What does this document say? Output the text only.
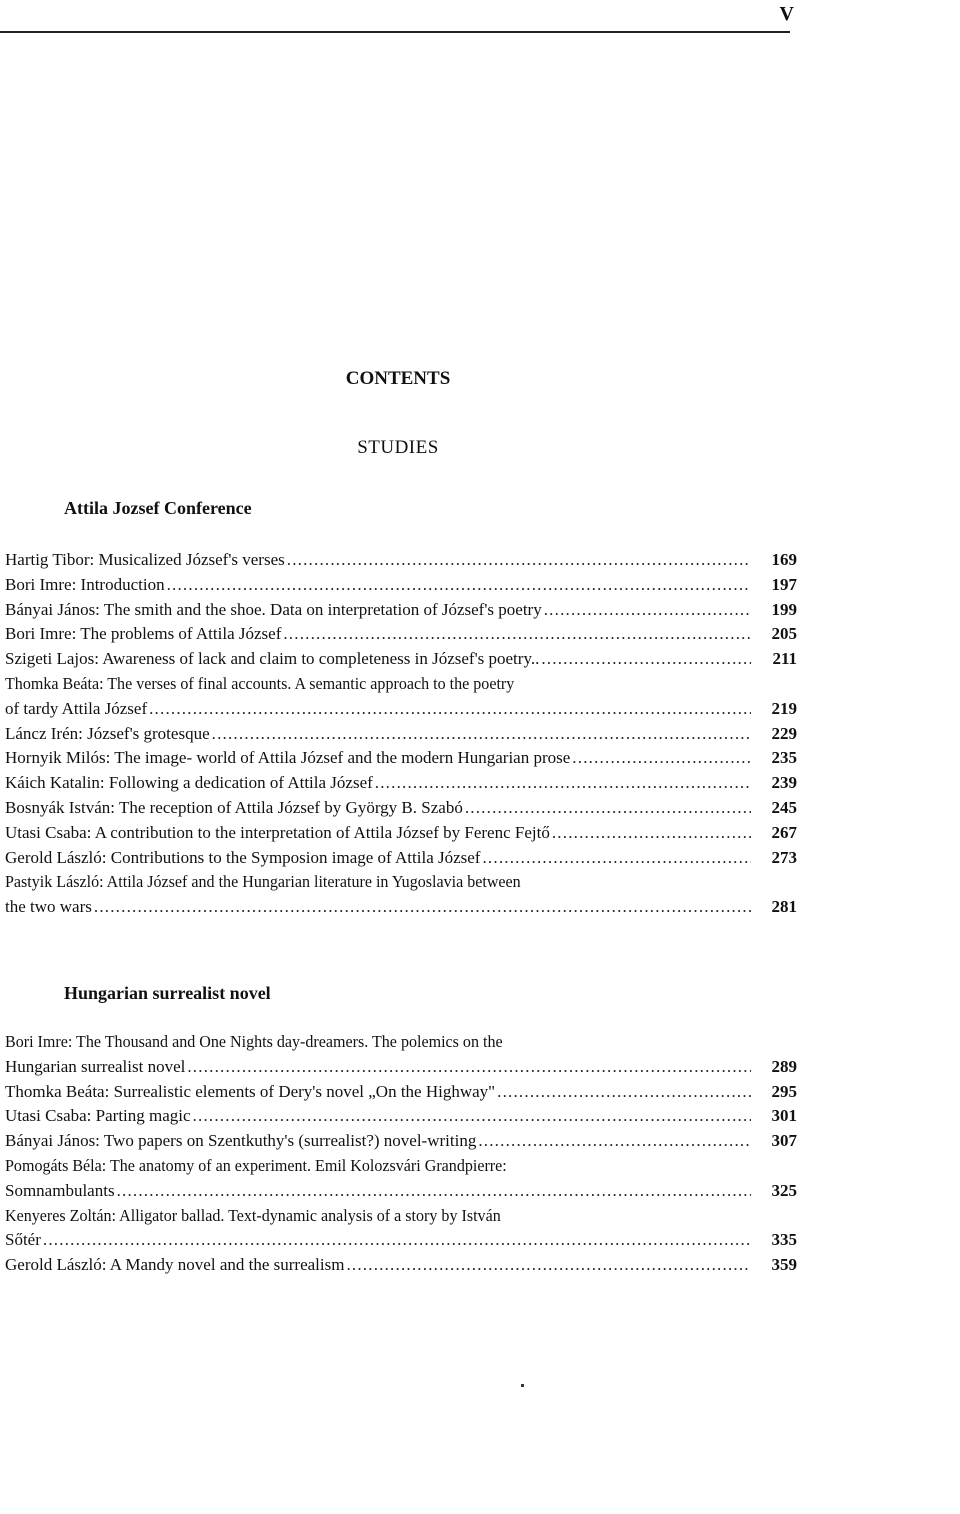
V
CONTENTS
STUDIES
Attila Jozsef Conference
Hartig Tibor: Musicalized József's verses .....	169
Bori Imre: Introduction .....	197
Bányai János: The smith and the shoe. Data on interpretation of József's poetry .....	199
Bori Imre: The problems of Attila József .....	205
Szigeti Lajos: Awareness of lack and claim to completeness in József's poetry.. .....	211
Thomka Beáta: The verses of final accounts. A semantic approach to the poetry
of tardy Attila József .....	219
Láncz Irén: József's grotesque .....	229
Hornyik Milós: The image- world of Attila József and the modern Hungarian prose .....	235
Káich Katalin: Following a dedication of Attila József .....	239
Bosnyák István: The reception of Attila József by György B. Szabó .....	245
Utasi Csaba: A contribution to the interpretation of Attila József by Ferenc Fejtő .....	267
Gerold László: Contributions to the Symposion image of Attila József .....	273
Pastyik László: Attila József and the Hungarian literature in Yugoslavia between
the two wars .....	281
Hungarian surrealist novel
Bori Imre: The Thousand and One Nights day-dreamers. The polemics on the
Hungarian surrealist novel .....	289
Thomka Beáta: Surrealistic elements of Dery's novel „On the Highway" .....	295
Utasi Csaba: Parting magic .....	301
Bányai János: Two papers on Szentkuthy's (surrealist?) novel-writing .....	307
Pomogáts Béla: The anatomy of an experiment. Emil Kolozsvári Grandpierre:
Somnambulants .....	325
Kenyeres Zoltán: Alligator ballad. Text-dynamic analysis of a story by István
Sőtér .....	335
Gerold László: A Mandy novel and the surrealism .....	359
